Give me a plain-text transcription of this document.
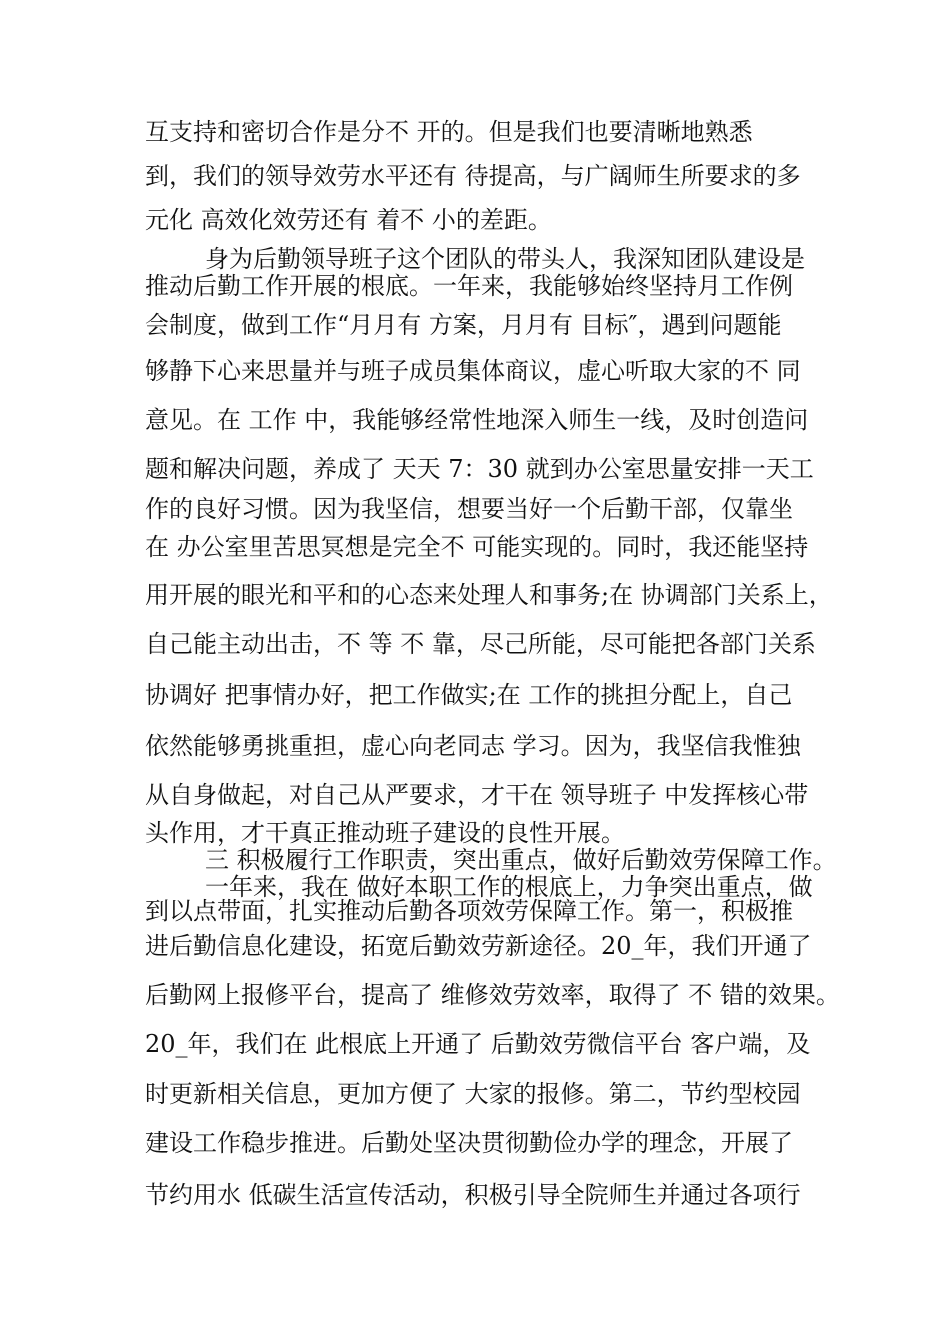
互支持和密切合作是分不 开的。但是我们也要清晰地熟悉
到，我们的领导效劳水平还有 待提高，与广阔师生所要求的多
元化 高效化效劳还有 着不 小的差距。
身为后勤领导班子这个团队的带头人，我深知团队建设是
推动后勤工作开展的根底。一年来，我能够始终坚持月工作例
会制度，做到工作“月月有 方案，月月有 目标″，遇到问题能
够静下心来思量并与班子成员集体商议，虚心听取大家的不 同
意见。在 工作 中，我能够经常性地深入师生一线，及时创造问
题和解决问题，养成了 天天 7：30 就到办公室思量安排一天工
作的良好习惯。因为我坚信，想要当好一个后勤干部，仅靠坐
在 办公室里苦思冥想是完全不 可能实现的。同时，我还能坚持
用开展的眼光和平和的心态来处理人和事务;在 协调部门关系上，
自己能主动出击，不 等 不 靠，尽己所能，尽可能把各部门关系
协调好 把事情办好，把工作做实;在 工作的挑担分配上，自己
依然能够勇挑重担，虚心向老同志 学习。因为，我坚信我惟独
从自身做起，对自己从严要求，才干在 领导班子 中发挥核心带
头作用，才干真正推动班子建设的良性开展。
三 积极履行工作职责，突出重点，做好后勤效劳保障工作。
一年来，我在 做好本职工作的根底上，力争突出重点，做
到以点带面，扎实推动后勤各项效劳保障工作。第一，积极推
进后勤信息化建设，拓宽后勤效劳新途径。20_年，我们开通了
后勤网上报修平台，提高了 维修效劳效率，取得了 不 错的效果。
20_年，我们在 此根底上开通了 后勤效劳微信平台 客户端，及
时更新相关信息，更加方便了 大家的报修。第二，节约型校园
建设工作稳步推进。后勤处坚决贯彻勤俭办学的理念，开展了
节约用水 低碳生活宣传活动，积极引导全院师生并通过各项行
